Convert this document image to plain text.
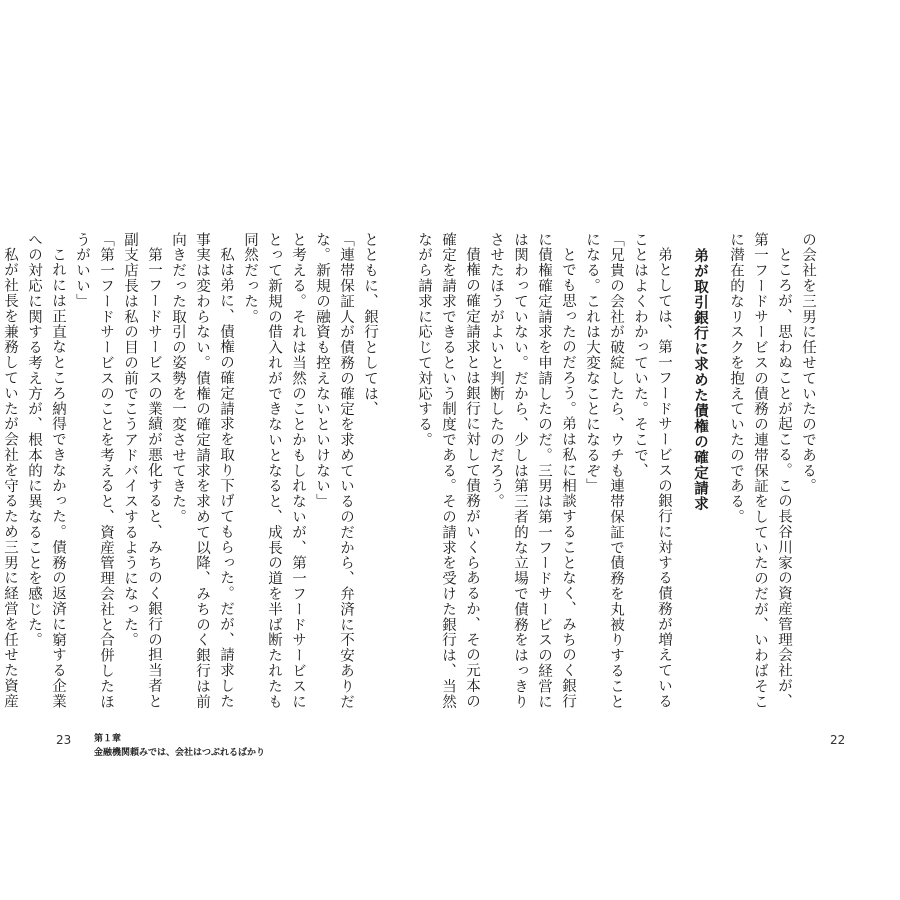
の会社を三男に任せていたのである。

ところが、思わぬことが起こる。この長谷川家の資産管理会社が、第一フードサービスの債務の連帯保証をしていたのだが、いわばそこに潜在的なリスクを抱えていたのである。

弟が取引銀行に求めた債権の確定請求

弟としては、第一フードサービスの銀行に対する債務が増えていることはよくわかっていた。そこで、

「兄貴の会社が破綻したら、ウチも連帯保証で債務を丸被りすることになる。これは大変なことになるぞ」

とでも思ったのだろう。弟は私に相談することなく、みちのく銀行に債権確定請求を申請したのだ。三男は第一フードサービスの経営には関わっていない。だから、少しは第三者的な立場で債務をはっきりさせたほうがよいと判断したのだろう。

債権の確定請求とは銀行に対して債務がいくらあるか、その元本の確定を請求できるという制度である。その請求を受けた銀行は、当然ながら請求に応じて対応する。

22

とともに、銀行としては、

「連帯保証人が債務の確定を求めているのだから、弁済に不安ありだな。新規の融資も控えないといけない」

と考える。それは当然のことかもしれないが、第一フードサービスにとって新規の借入れができないとなると、成長の道を半ば断たれたも同然だった。

私は弟に、債権の確定請求を取り下げてもらった。だが、請求した事実は変わらない。債権の確定請求を求めて以降、みちのく銀行は前向きだった取引の姿勢を一変させてきた。

第一フードサービスの業績が悪化すると、みちのく銀行の担当者と副支店長は私の目の前でこうアドバイスするようになった。

「第一フードサービスのことを考えると、資産管理会社と合併したほうがいい」

これには正直なところ納得できなかった。債務の返済に窮する企業への対応に関する考え方が、根本的に異なることを感じた。

私が社長を兼務していたが会社を守るため三男に経営を任せた資産

23	第１章
金融機関頼みでは、会社はつぶれるばかり
